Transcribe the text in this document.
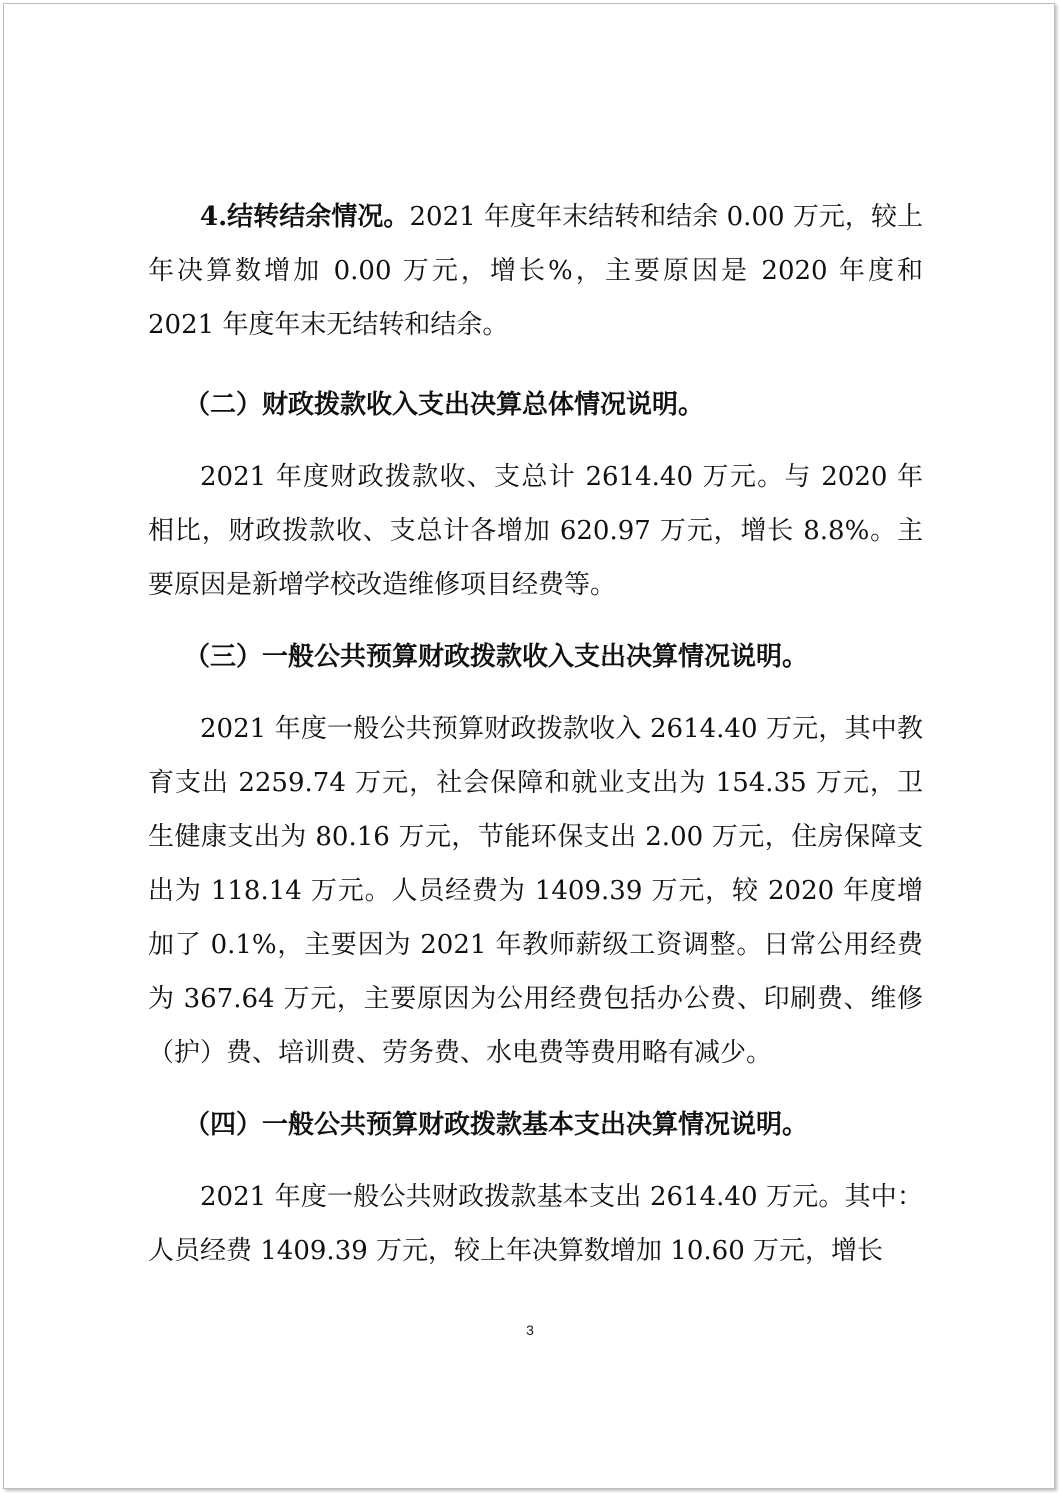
4.结转结余情况。2021 年度年末结转和结余 0.00 万元，较上年决算数增加 0.00 万元，增长%，主要原因是 2020 年度和 2021 年度年末无结转和结余。

（二）财政拨款收入支出决算总体情况说明。

2021 年度财政拨款收、支总计 2614.40 万元。与 2020 年相比，财政拨款收、支总计各增加 620.97 万元，增长 8.8%。主要原因是新增学校改造维修项目经费等。

（三）一般公共预算财政拨款收入支出决算情况说明。

2021 年度一般公共预算财政拨款收入 2614.40 万元，其中教育支出 2259.74 万元，社会保障和就业支出为 154.35 万元，卫生健康支出为 80.16 万元，节能环保支出 2.00 万元，住房保障支出为 118.14 万元。人员经费为 1409.39 万元，较 2020 年度增加了 0.1%，主要因为 2021 年教师薪级工资调整。日常公用经费为 367.64 万元，主要原因为公用经费包括办公费、印刷费、维修（护）费、培训费、劳务费、水电费等费用略有减少。

（四）一般公共预算财政拨款基本支出决算情况说明。

2021 年度一般公共财政拨款基本支出 2614.40 万元。其中：人员经费 1409.39 万元，较上年决算数增加 10.60 万元，增长

3
